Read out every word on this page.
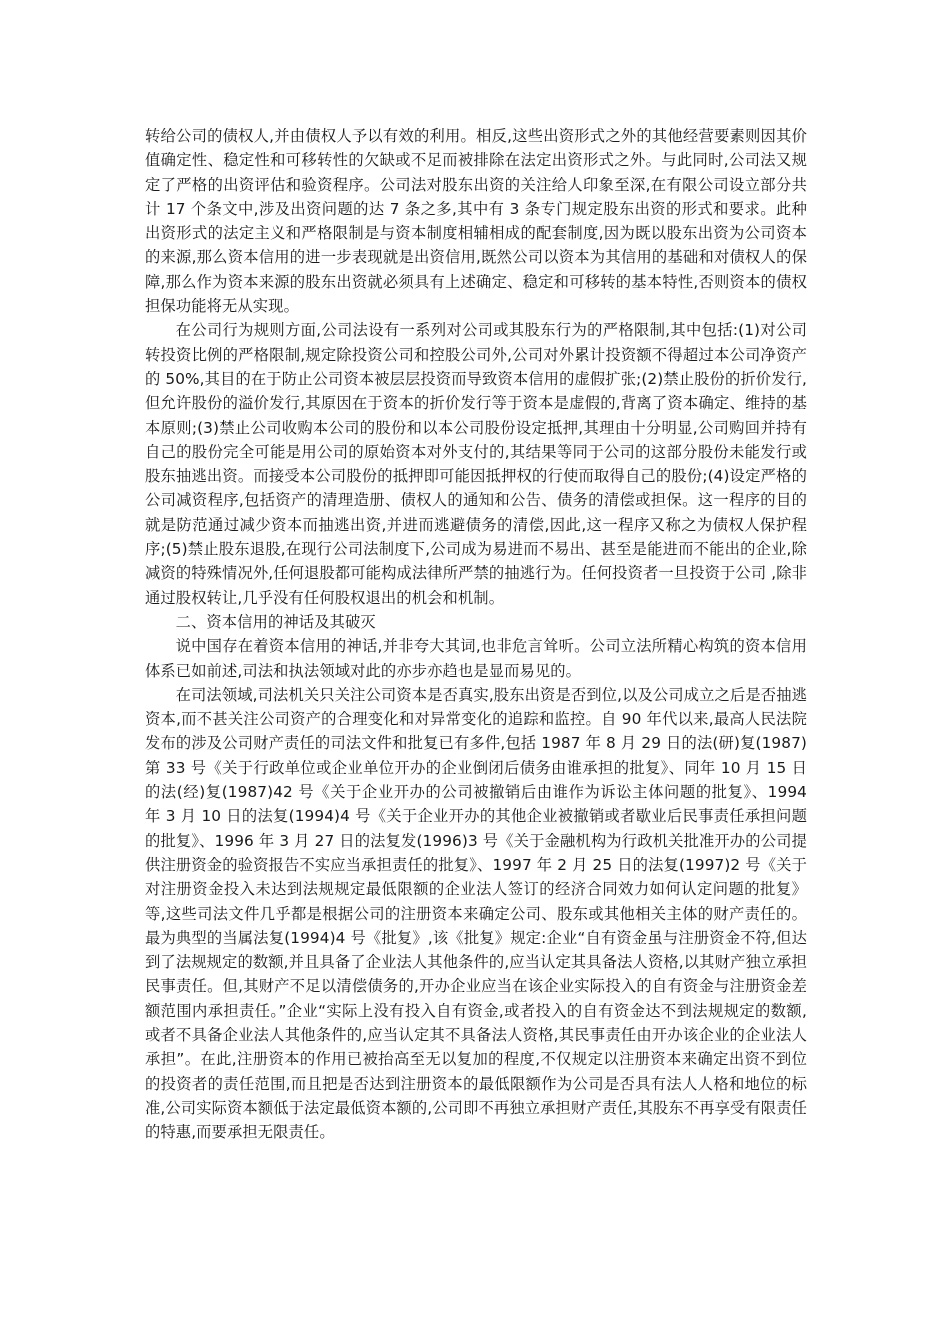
转给公司的债权人,并由债权人予以有效的利用。相反,这些出资形式之外的其他经营要素则因其价值确定性、稳定性和可移转性的欠缺或不足而被排除在法定出资形式之外。与此同时,公司法又规定了严格的出资评估和验资程序。公司法对股东出资的关注给人印象至深,在有限公司设立部分共计 17 个条文中,涉及出资问题的达 7 条之多,其中有 3 条专门规定股东出资的形式和要求。此种出资形式的法定主义和严格限制是与资本制度相辅相成的配套制度,因为既以股东出资为公司资本的来源,那么资本信用的进一步表现就是出资信用,既然公司以资本为其信用的基础和对债权人的保障,那么作为资本来源的股东出资就必须具有上述确定、稳定和可移转的基本特性,否则资本的债权担保功能将无从实现。

在公司行为规则方面,公司法设有一系列对公司或其股东行为的严格限制,其中包括:(1)对公司转投资比例的严格限制,规定除投资公司和控股公司外,公司对外累计投资额不得超过本公司净资产的 50%,其目的在于防止公司资本被层层投资而导致资本信用的虚假扩张;(2)禁止股份的折价发行,但允许股份的溢价发行,其原因在于资本的折价发行等于资本是虚假的,背离了资本确定、维持的基本原则;(3)禁止公司收购本公司的股份和以本公司股份设定抵押,其理由十分明显,公司购回并持有自己的股份完全可能是用公司的原始资本对外支付的,其结果等同于公司的这部分股份未能发行或股东抽逃出资。而接受本公司股份的抵押即可能因抵押权的行使而取得自己的股份;(4)设定严格的公司减资程序,包括资产的清理造册、债权人的通知和公告、债务的清偿或担保。这一程序的目的就是防范通过减少资本而抽逃出资,并进而逃避债务的清偿,因此,这一程序又称之为债权人保护程序;(5)禁止股东退股,在现行公司法制度下,公司成为易进而不易出、甚至是能进而不能出的企业,除减资的特殊情况外,任何退股都可能构成法律所严禁的抽逃行为。任何投资者一旦投资于公司 ,除非通过股权转让,几乎没有任何股权退出的机会和机制。

二、资本信用的神话及其破灭

说中国存在着资本信用的神话,并非夸大其词,也非危言耸听。公司立法所精心构筑的资本信用体系已如前述,司法和执法领域对此的亦步亦趋也是显而易见的。

在司法领域,司法机关只关注公司资本是否真实,股东出资是否到位,以及公司成立之后是否抽逃资本,而不甚关注公司资产的合理变化和对异常变化的追踪和监控。自 90 年代以来,最高人民法院发布的涉及公司财产责任的司法文件和批复已有多件,包括 1987 年 8 月 29 日的法(研)复(1987)第 33 号《关于行政单位或企业单位开办的企业倒闭后债务由谁承担的批复》、同年 10 月 15 日的法(经)复(1987)42 号《关于企业开办的公司被撤销后由谁作为诉讼主体问题的批复》、1994 年 3 月 10 日的法复(1994)4 号《关于企业开办的其他企业被撤销或者歇业后民事责任承担问题的批复》、1996 年 3 月 27 日的法复发(1996)3 号《关于金融机构为行政机关批准开办的公司提供注册资金的验资报告不实应当承担责任的批复》、1997 年 2 月 25 日的法复(1997)2 号《关于对注册资金投入未达到法规规定最低限额的企业法人签订的经济合同效力如何认定问题的批复》等,这些司法文件几乎都是根据公司的注册资本来确定公司、股东或其他相关主体的财产责任的。最为典型的当属法复(1994)4 号《批复》,该《批复》规定:企业“自有资金虽与注册资金不符,但达到了法规规定的数额,并且具备了企业法人其他条件的,应当认定其具备法人资格,以其财产独立承担民事责任。但,其财产不足以清偿债务的,开办企业应当在该企业实际投入的自有资金与注册资金差额范围内承担责任。”企业“实际上没有投入自有资金,或者投入的自有资金达不到法规规定的数额,或者不具备企业法人其他条件的,应当认定其不具备法人资格,其民事责任由开办该企业的企业法人承担”。在此,注册资本的作用已被抬高至无以复加的程度,不仅规定以注册资本来确定出资不到位的投资者的责任范围,而且把是否达到注册资本的最低限额作为公司是否具有法人人格和地位的标准,公司实际资本额低于法定最低资本额的,公司即不再独立承担财产责任,其股东不再享受有限责任的特惠,而要承担无限责任。
